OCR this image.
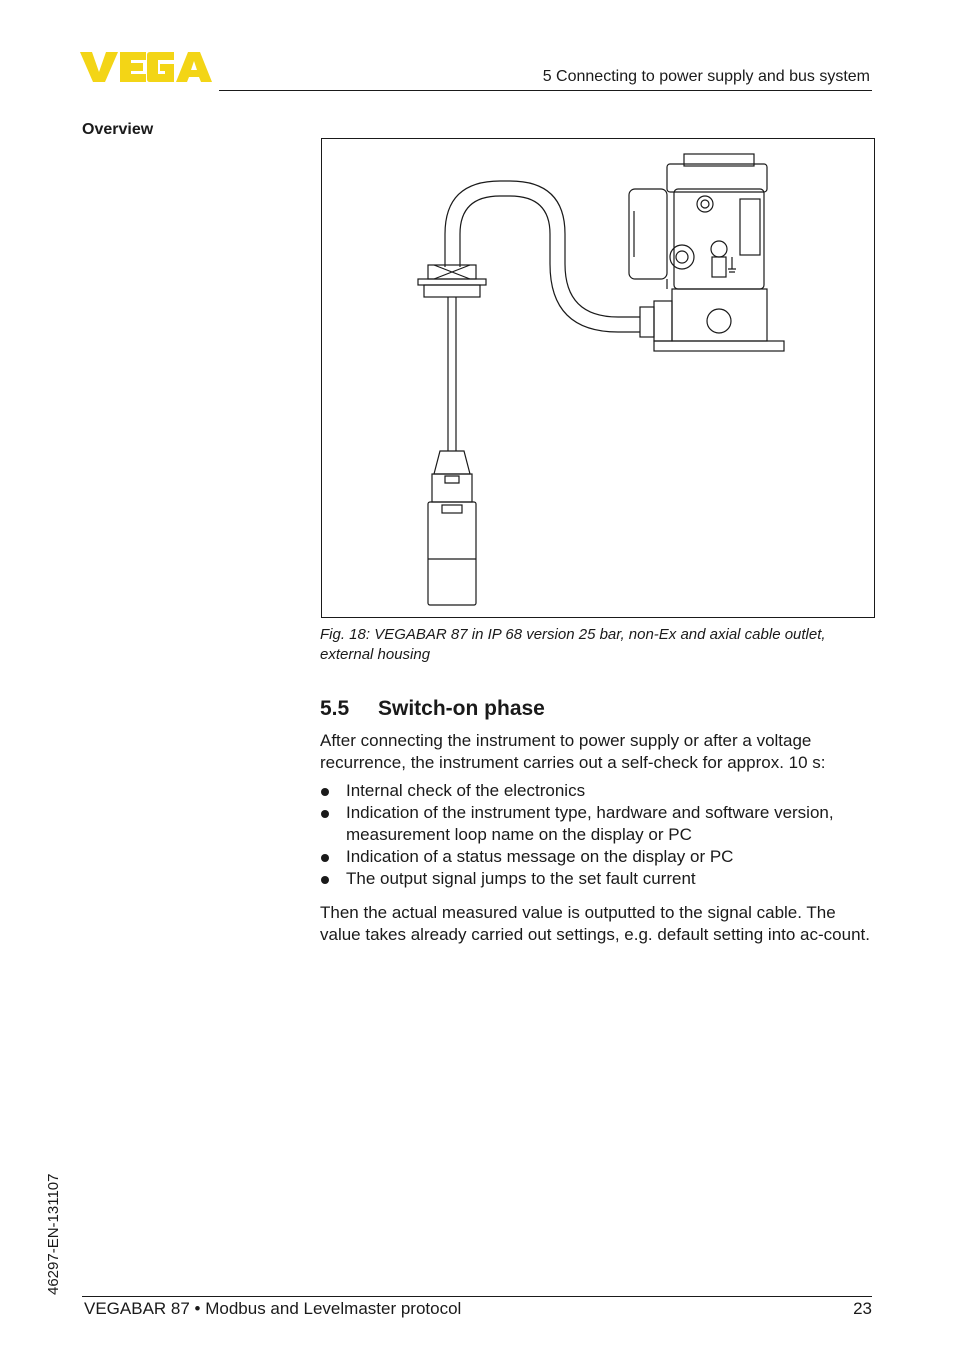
5 Connecting to power supply and bus system
Overview
Fig. 18: VEGABAR 87 in IP 68 version 25 bar, non-Ex and axial cable outlet, external housing
5.5 Switch-on phase
After connecting the instrument to power supply or after a voltage recurrence, the instrument carries out a self-check for approx. 10 s:
Internal check of the electronics
Indication of the instrument type, hardware and software version, measurement loop name on the display or PC
Indication of a status message on the display or PC
The output signal jumps to the set fault current
Then the actual measured value is outputted to the signal cable. The value takes already carried out settings, e.g. default setting into ac-count.
46297-EN-131107
VEGABAR 87 • Modbus and Levelmaster protocol	23
